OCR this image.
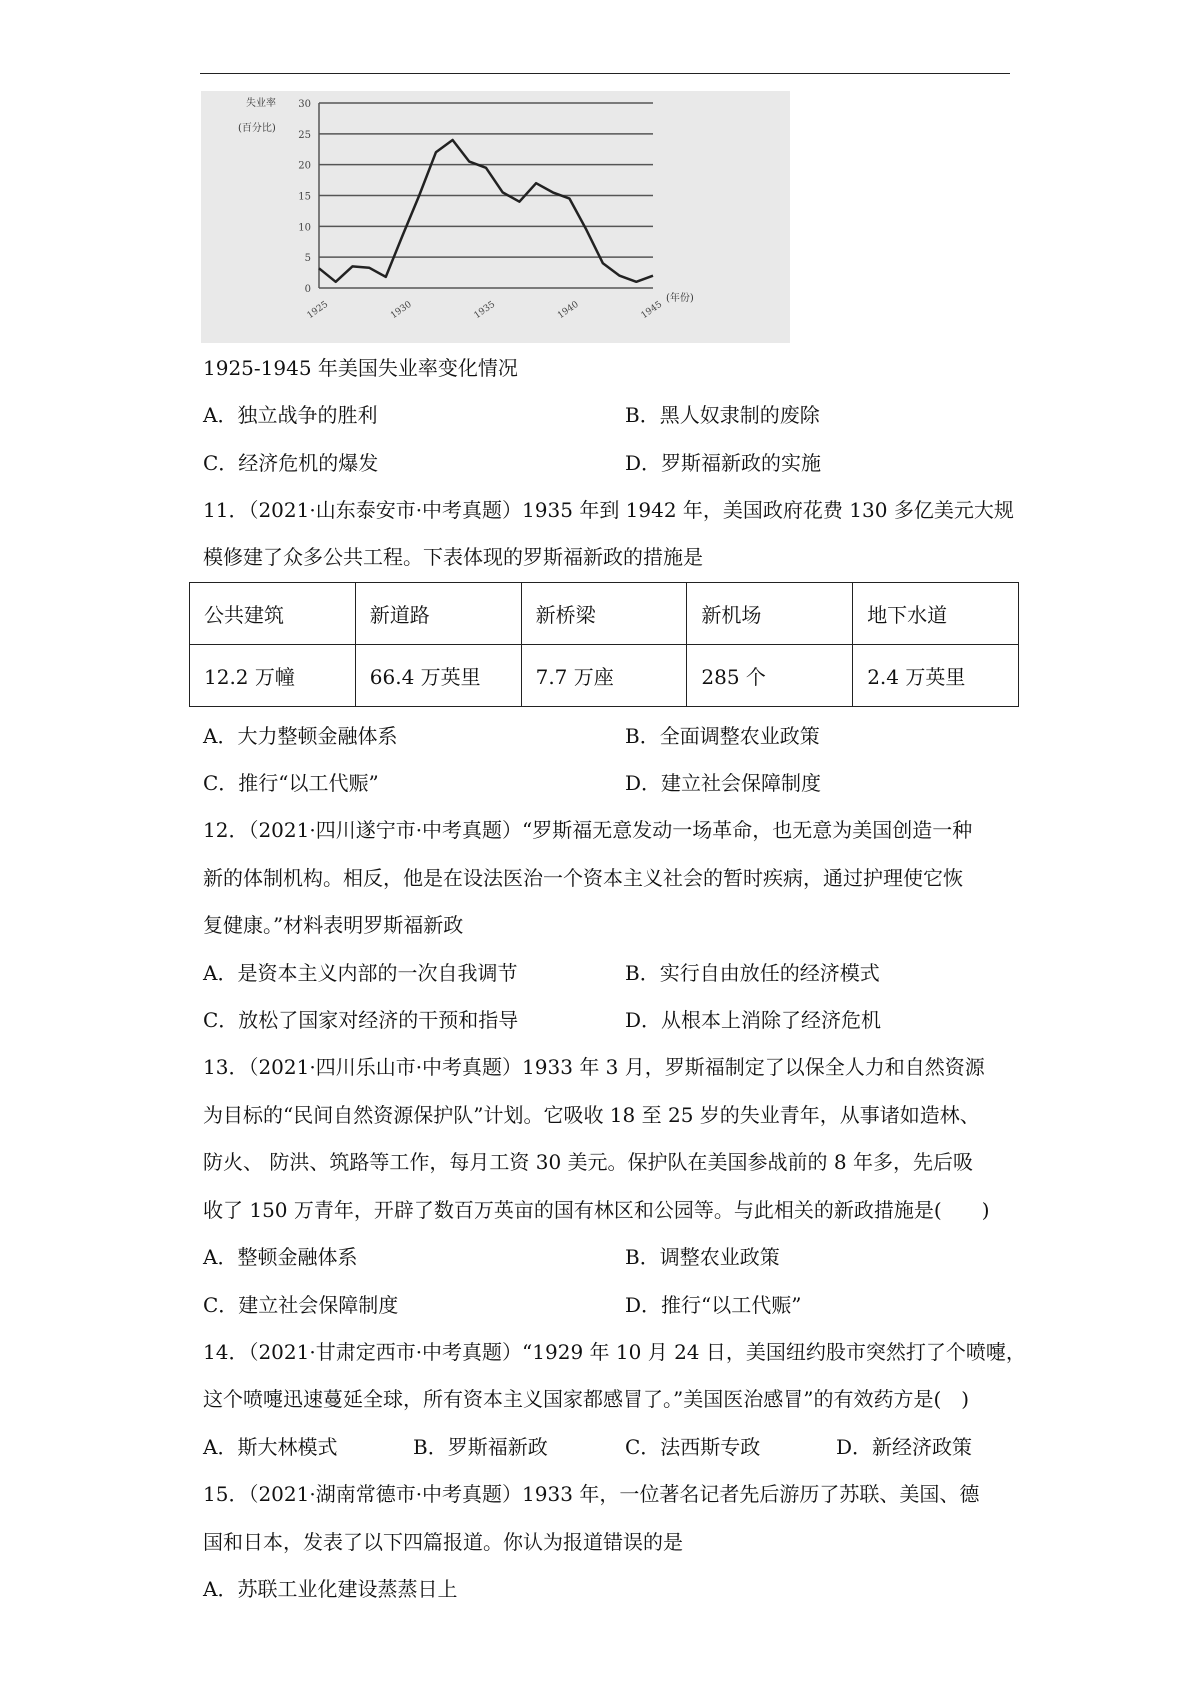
0
5
10
15
20
25
30
1925	1930	1935	1940	1945
失业率
(百分比)
(年份)
1925-1945 年美国失业率变化情况
A．独立战争的胜利	B．黑人奴隶制的废除
C．经济危机的爆发	D．罗斯福新政的实施
11．（2021·山东泰安市·中考真题）1935 年到 1942 年，美国政府花费 130 多亿美元大规
模修建了众多公共工程。下表体现的罗斯福新政的措施是
公共建筑	新道路	新桥梁	新机场	地下水道
12.2 万幢	66.4 万英里	7.7 万座	285 个	2.4 万英里
A．大力整顿金融体系	B．全面调整农业政策
C．推行“以工代赈”	D．建立社会保障制度
12．（2021·四川遂宁市·中考真题）“罗斯福无意发动一场革命，也无意为美国创造一种
新的体制机构。相反，他是在设法医治一个资本主义社会的暂时疾病，通过护理使它恢
复健康。”材料表明罗斯福新政
A．是资本主义内部的一次自我调节	B．实行自由放任的经济模式
C．放松了国家对经济的干预和指导	D．从根本上消除了经济危机
13．（2021·四川乐山市·中考真题）1933 年 3 月，罗斯福制定了以保全人力和自然资源
为目标的“民间自然资源保护队”计划。它吸收 18 至 25 岁的失业青年，从事诸如造林、
防火、 防洪、筑路等工作，每月工资 30 美元。保护队在美国参战前的 8 年多，先后吸
收了 150 万青年，开辟了数百万英亩的国有林区和公园等。与此相关的新政措施是(　　)
A．整顿金融体系	B．调整农业政策
C．建立社会保障制度	D．推行“以工代赈”
14．（2021·甘肃定西市·中考真题）“1929 年 10 月 24 日，美国纽约股市突然打了个喷嚏，
这个喷嚏迅速蔓延全球，所有资本主义国家都感冒了。”美国医治感冒”的有效药方是(　)
A．斯大林模式	B．罗斯福新政	C．法西斯专政	D．新经济政策
15．（2021·湖南常德市·中考真题）1933 年，一位著名记者先后游历了苏联、美国、德
国和日本，发表了以下四篇报道。你认为报道错误的是
A．苏联工业化建设蒸蒸日上
